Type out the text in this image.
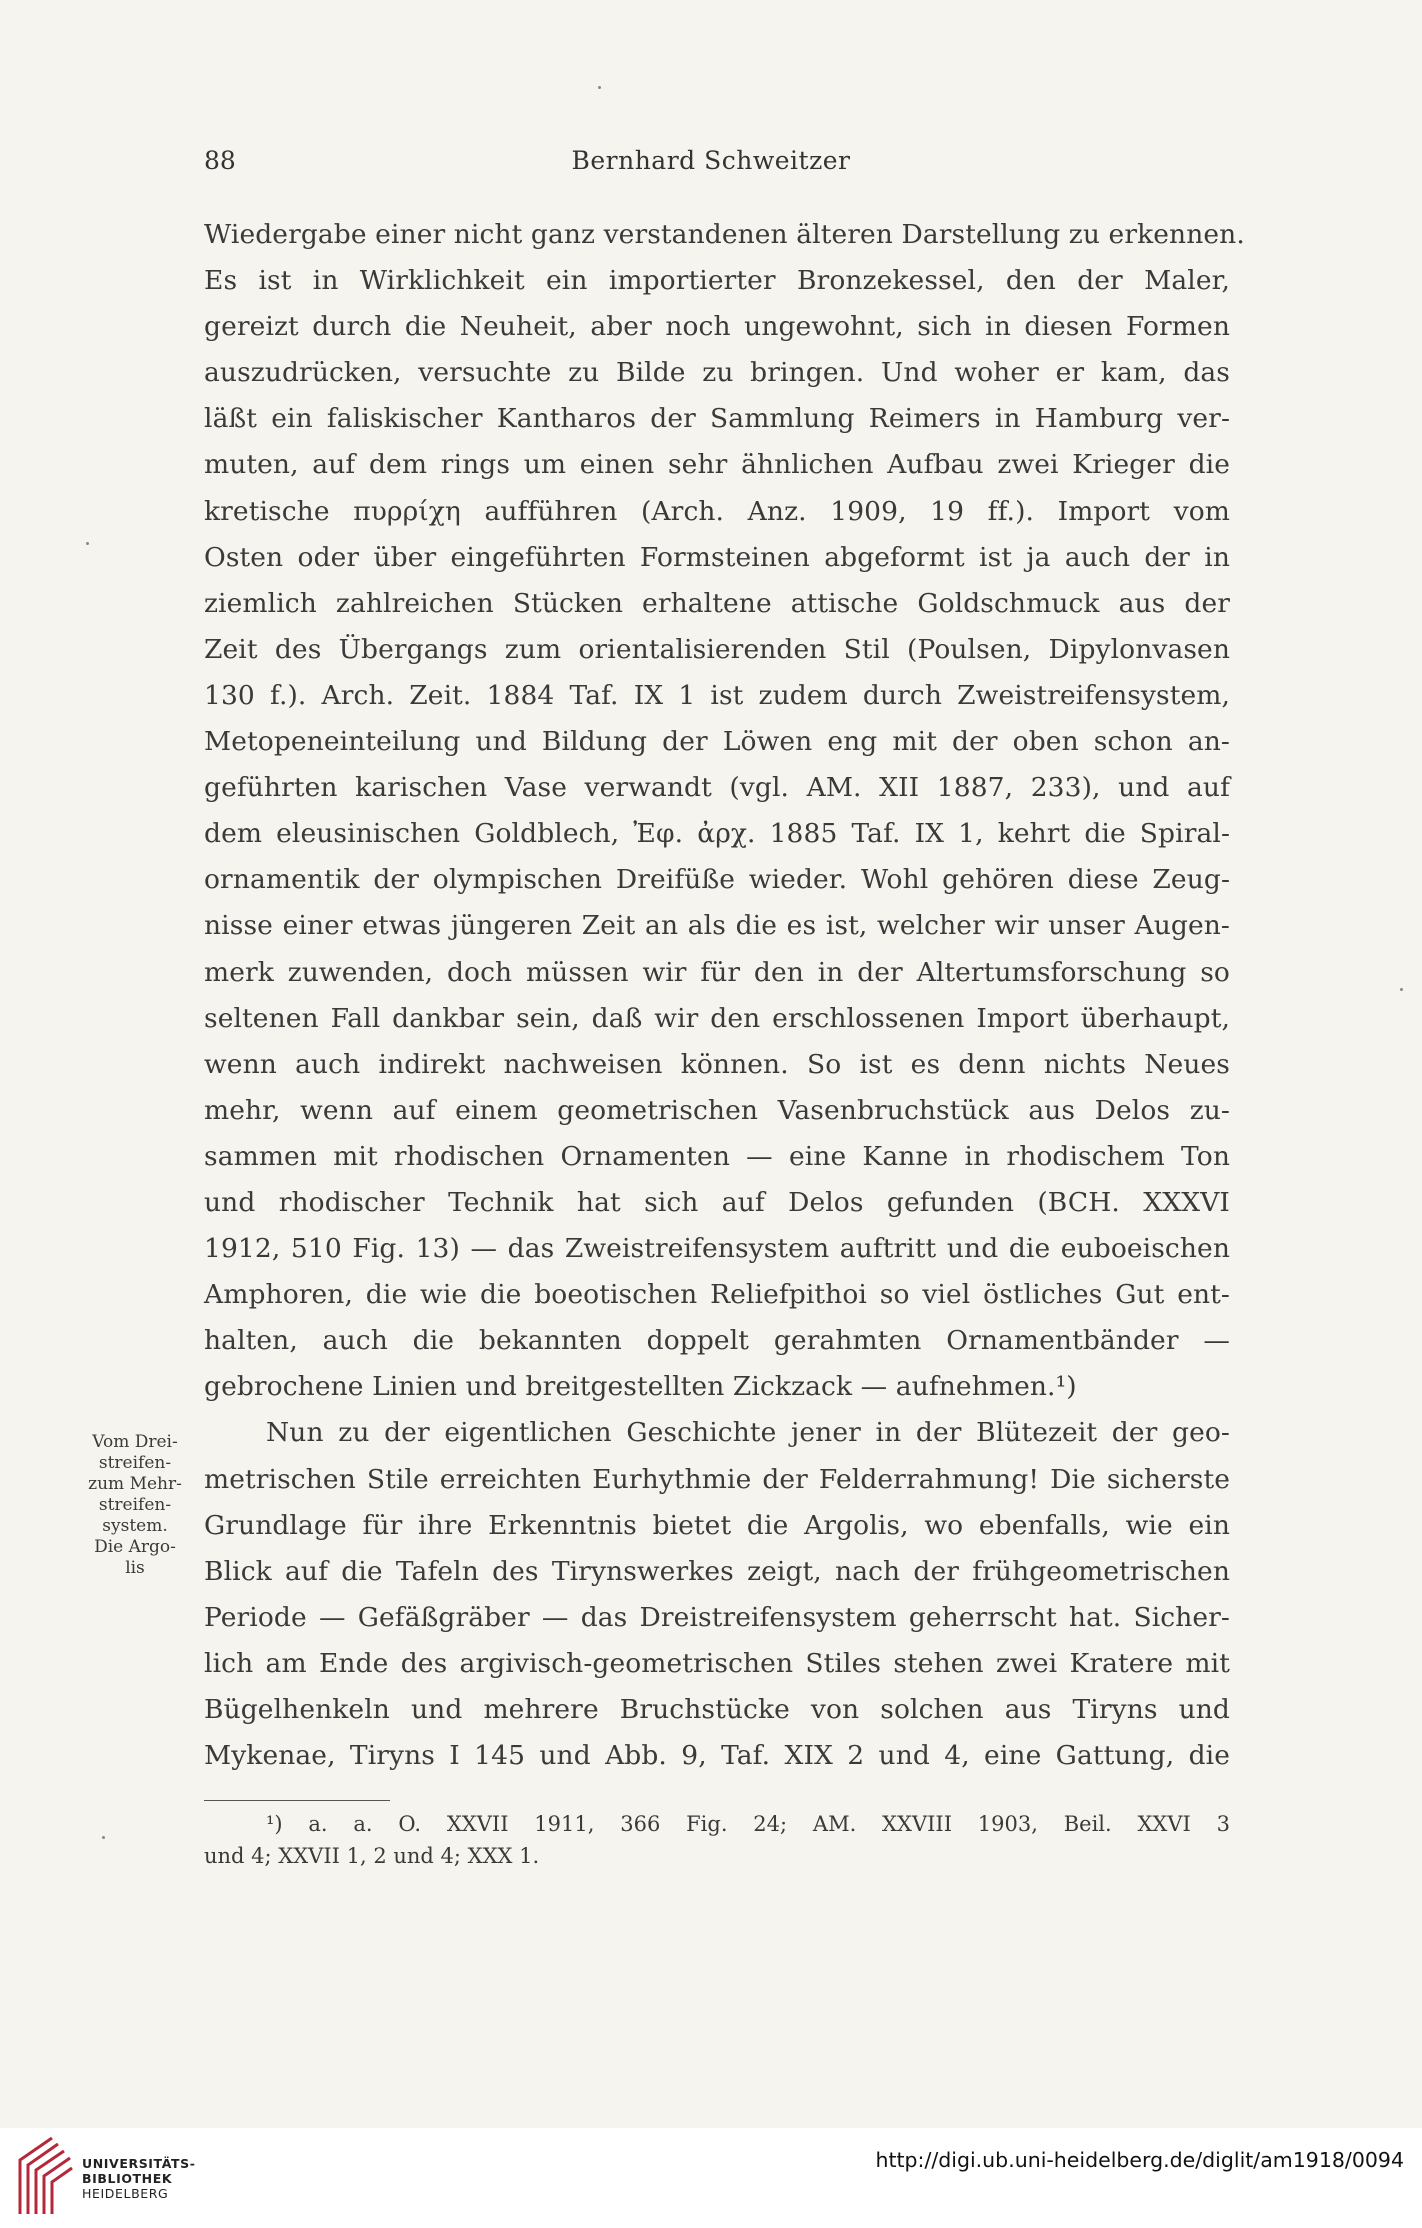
88	Bernhard Schweitzer
Wiedergabe einer nicht ganz verstandenen älteren Darstellung zu erkennen.
Es ist in Wirklichkeit ein importierter Bronzekessel, den der Maler,
gereizt durch die Neuheit, aber noch ungewohnt, sich in diesen Formen
auszudrücken, versuchte zu Bilde zu bringen. Und woher er kam, das
läßt ein faliskischer Kantharos der Sammlung Reimers in Hamburg ver-
muten, auf dem rings um einen sehr ähnlichen Aufbau zwei Krieger die
kretische πυρρίχη aufführen (Arch. Anz. 1909, 19 ff.). Import vom
Osten oder über eingeführten Formsteinen abgeformt ist ja auch der in
ziemlich zahlreichen Stücken erhaltene attische Goldschmuck aus der
Zeit des Übergangs zum orientalisierenden Stil (Poulsen, Dipylonvasen
130 f.). Arch. Zeit. 1884 Taf. IX 1 ist zudem durch Zweistreifensystem,
Metopeneinteilung und Bildung der Löwen eng mit der oben schon an-
geführten karischen Vase verwandt (vgl. AM. XII 1887, 233), und auf
dem eleusinischen Goldblech, Ἐφ. ἀρχ. 1885 Taf. IX 1, kehrt die Spiral-
ornamentik der olympischen Dreifüße wieder. Wohl gehören diese Zeug-
nisse einer etwas jüngeren Zeit an als die es ist, welcher wir unser Augen-
merk zuwenden, doch müssen wir für den in der Altertumsforschung so
seltenen Fall dankbar sein, daß wir den erschlossenen Import überhaupt,
wenn auch indirekt nachweisen können. So ist es denn nichts Neues
mehr, wenn auf einem geometrischen Vasenbruchstück aus Delos zu-
sammen mit rhodischen Ornamenten — eine Kanne in rhodischem Ton
und rhodischer Technik hat sich auf Delos gefunden (BCH. XXXVI
1912, 510 Fig. 13) — das Zweistreifensystem auftritt und die euboeischen
Amphoren, die wie die boeotischen Reliefpithoi so viel östliches Gut ent-
halten, auch die bekannten doppelt gerahmten Ornamentbänder —
gebrochene Linien und breitgestellten Zickzack — aufnehmen.¹)
Nun zu der eigentlichen Geschichte jener in der Blütezeit der geo-
metrischen Stile erreichten Eurhythmie der Felderrahmung! Die sicherste
Grundlage für ihre Erkenntnis bietet die Argolis, wo ebenfalls, wie ein
Blick auf die Tafeln des Tirynswerkes zeigt, nach der frühgeometrischen
Periode — Gefäßgräber — das Dreistreifensystem geherrscht hat. Sicher-
lich am Ende des argivisch-geometrischen Stiles stehen zwei Kratere mit
Bügelhenkeln und mehrere Bruchstücke von solchen aus Tiryns und
Mykenae, Tiryns I 145 und Abb. 9, Taf. XIX 2 und 4, eine Gattung, die
Vom Drei-
streifen-
zum Mehr-
streifen-
system.
Die Argo-
lis
¹) a. a. O. XXVII 1911, 366 Fig. 24; AM. XXVIII 1903, Beil. XXVI 3
und 4; XXVII 1, 2 und 4; XXX 1.
UNIVERSITÄTS-
BIBLIOTHEK
HEIDELBERG
http://digi.ub.uni-heidelberg.de/diglit/am1918/0094
